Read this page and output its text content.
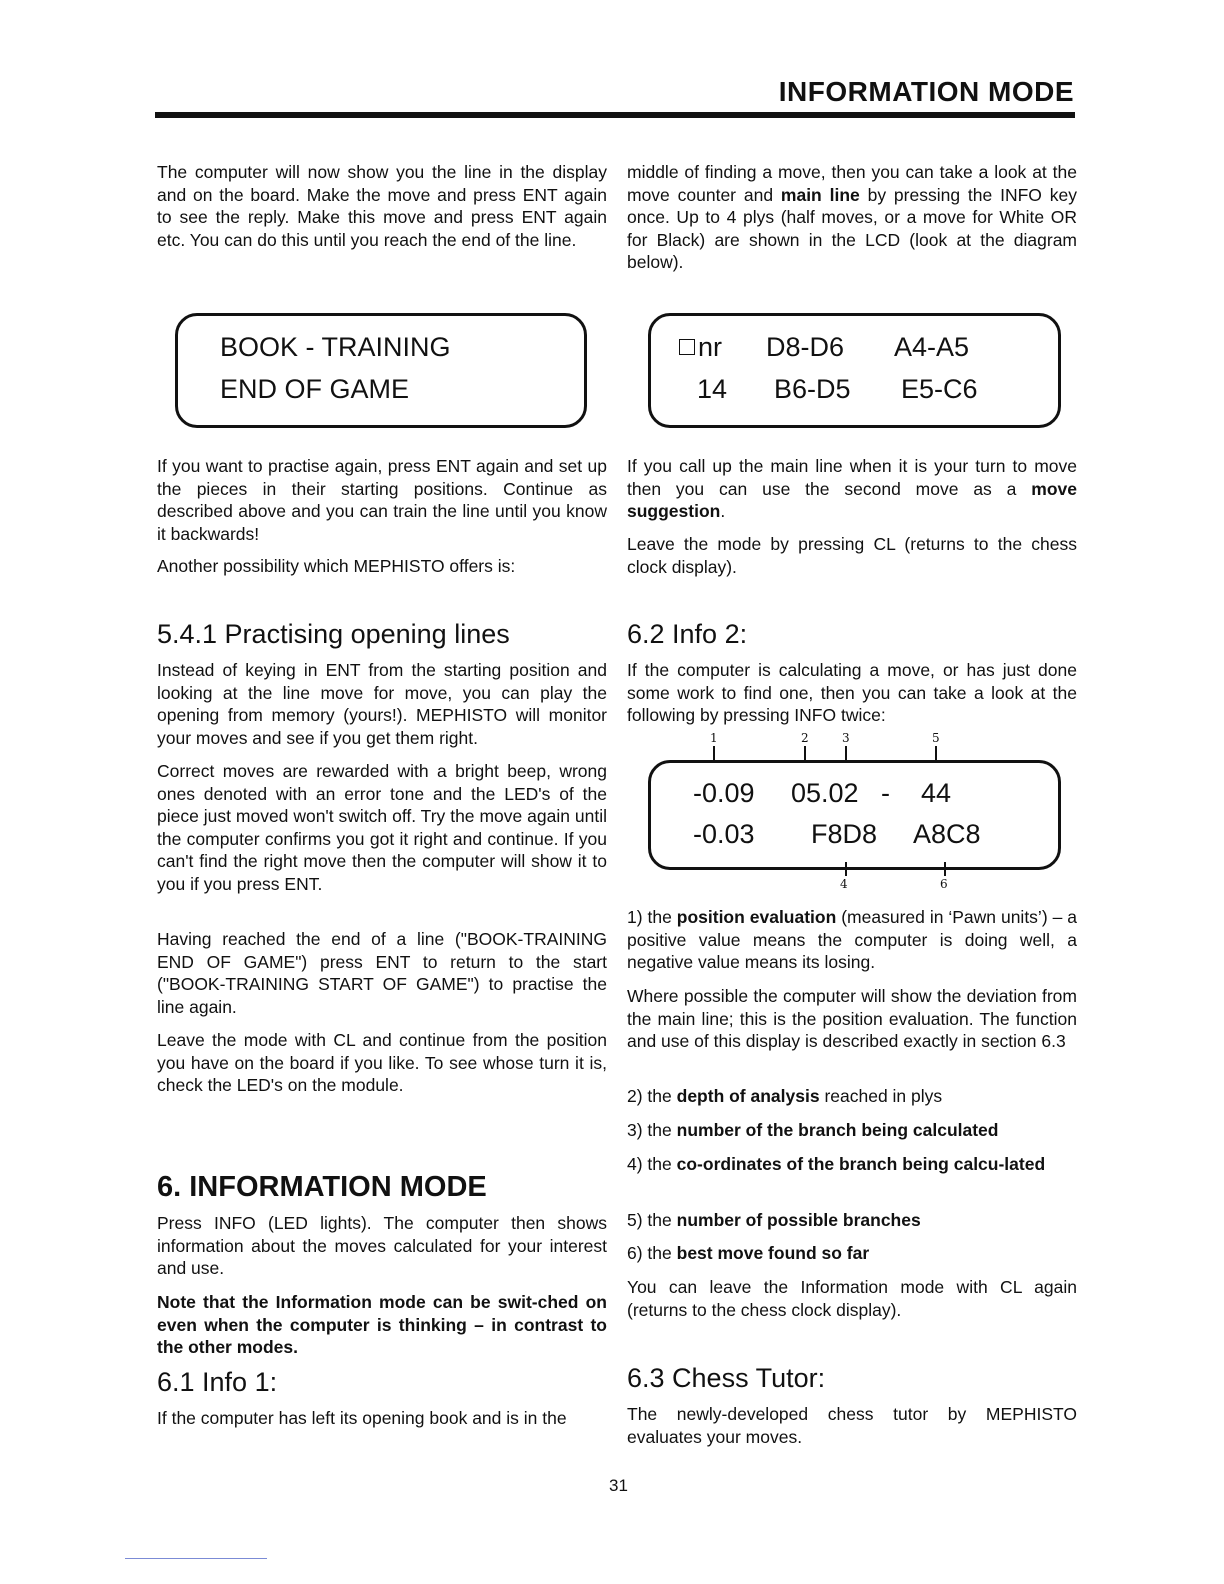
INFORMATION MODE

The computer will now show you the line in the display and on the board. Make the move and press ENT again to see the reply. Make this move and press ENT again etc. You can do this until you reach the end of the line.

BOOK - TRAINING
END OF GAME

If you want to practise again, press ENT again and set up the pieces in their starting positions. Continue as described above and you can train the line until you know it backwards!

Another possibility which MEPHISTO offers is:

5.4.1 Practising opening lines

Instead of keying in ENT from the starting position and looking at the line move for move, you can play the opening from memory (yours!). MEPHISTO will monitor your moves and see if you get them right.

Correct moves are rewarded with a bright beep, wrong ones denoted with an error tone and the LED's of the piece just moved won't switch off. Try the move again until the computer confirms you got it right and continue. If you can't find the right move then the computer will show it to you if you press ENT.

Having reached the end of a line ("BOOK-TRAINING END OF GAME") press ENT to return to the start ("BOOK-TRAINING START OF GAME") to practise the line again.

Leave the mode with CL and continue from the position you have on the board if you like. To see whose turn it is, check the LED's on the module.

6. INFORMATION MODE

Press INFO (LED lights). The computer then shows information about the moves calculated for your interest and use.

Note that the Information mode can be swit-ched on even when the computer is thinking – in contrast to the other modes.

6.1 Info 1:

If the computer has left its opening book and is in the

middle of finding a move, then you can take a look at the move counter and main line by pressing the INFO key once. Up to 4 plys (half moves, or a move for White OR for Black) are shown in the LCD (look at the diagram below).

nr D8-D6 A4-A5
14 B6-D5 E5-C6

If you call up the main line when it is your turn to move then you can use the second move as a move suggestion.

Leave the mode by pressing CL (returns to the chess clock display).

6.2 Info 2:

If the computer is calculating a move, or has just done some work to find one, then you can take a look at the following by pressing INFO twice:

1	2	3	5
-0.09 05.02 - 44
-0.03 F8D8 A8C8
4	6

1) the position evaluation (measured in ‘Pawn units’) – a positive value means the computer is doing well, a negative value means its losing.

Where possible the computer will show the deviation from the main line; this is the position evaluation. The function and use of this display is described exactly in section 6.3

2) the depth of analysis reached in plys

3) the number of the branch being calculated

4) the co-ordinates of the branch being calcu-lated

5) the number of possible branches

6) the best move found so far

You can leave the Information mode with CL again (returns to the chess clock display).

6.3 Chess Tutor:

The newly-developed chess tutor by MEPHISTO evaluates your moves.

31
